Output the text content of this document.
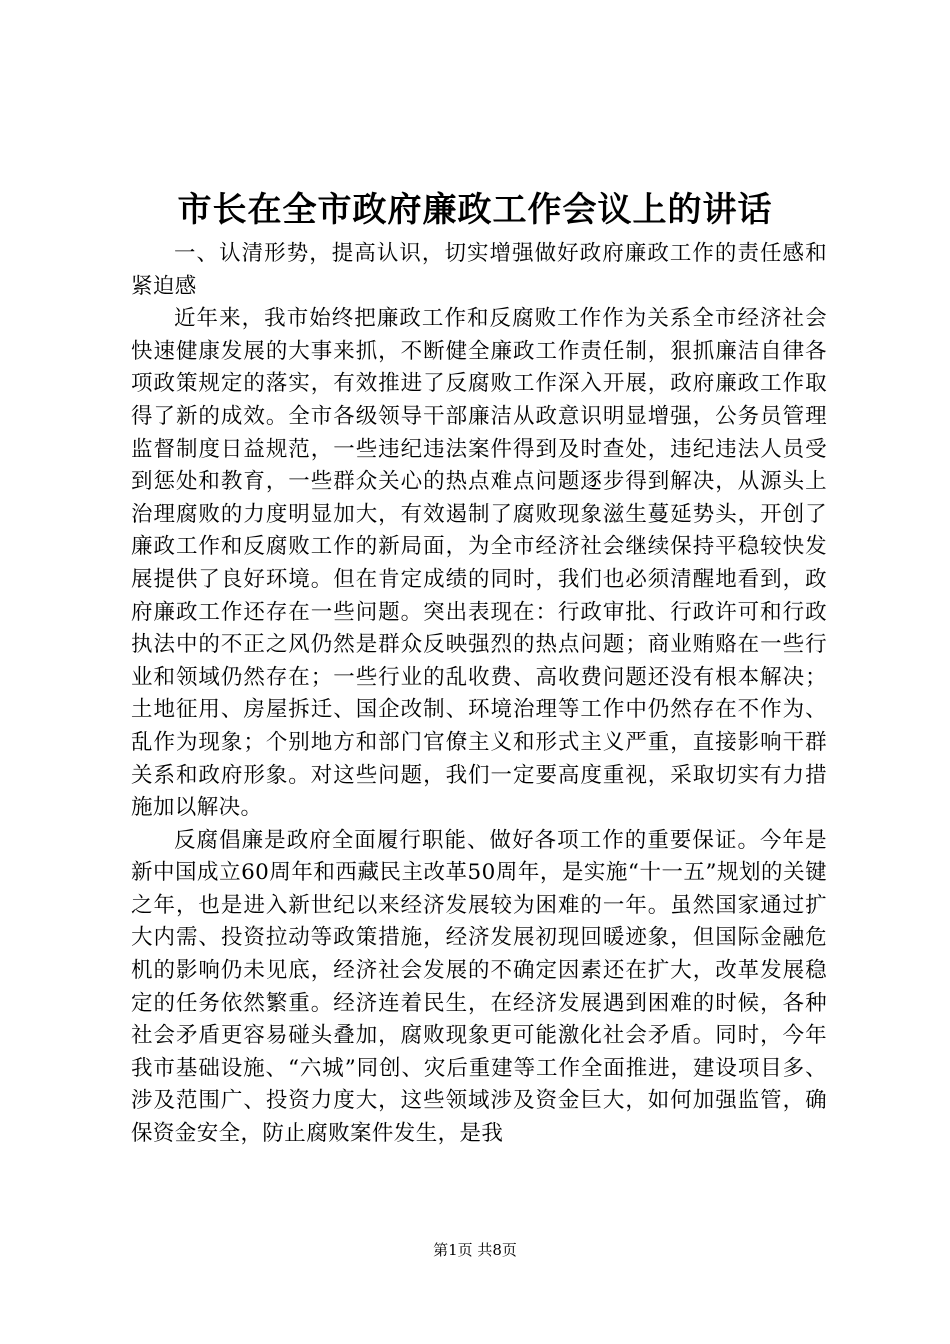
市长在全市政府廉政工作会议上的讲话

一、认清形势，提高认识，切实增强做好政府廉政工作的责任感和紧迫感

近年来，我市始终把廉政工作和反腐败工作作为关系全市经济社会快速健康发展的大事来抓，不断健全廉政工作责任制，狠抓廉洁自律各项政策规定的落实，有效推进了反腐败工作深入开展，政府廉政工作取得了新的成效。全市各级领导干部廉洁从政意识明显增强，公务员管理监督制度日益规范，一些违纪违法案件得到及时查处，违纪违法人员受到惩处和教育，一些群众关心的热点难点问题逐步得到解决，从源头上治理腐败的力度明显加大，有效遏制了腐败现象滋生蔓延势头，开创了廉政工作和反腐败工作的新局面，为全市经济社会继续保持平稳较快发展提供了良好环境。但在肯定成绩的同时，我们也必须清醒地看到，政府廉政工作还存在一些问题。突出表现在：行政审批、行政许可和行政执法中的不正之风仍然是群众反映强烈的热点问题；商业贿赂在一些行业和领域仍然存在；一些行业的乱收费、高收费问题还没有根本解决；土地征用、房屋拆迁、国企改制、环境治理等工作中仍然存在不作为、乱作为现象；个别地方和部门官僚主义和形式主义严重，直接影响干群关系和政府形象。对这些问题，我们一定要高度重视，采取切实有力措施加以解决。

反腐倡廉是政府全面履行职能、做好各项工作的重要保证。今年是新中国成立60周年和西藏民主改革50周年，是实施“十一五”规划的关键之年，也是进入新世纪以来经济发展较为困难的一年。虽然国家通过扩大内需、投资拉动等政策措施，经济发展初现回暖迹象，但国际金融危机的影响仍未见底，经济社会发展的不确定因素还在扩大，改革发展稳定的任务依然繁重。经济连着民生，在经济发展遇到困难的时候，各种社会矛盾更容易碰头叠加，腐败现象更可能激化社会矛盾。同时，今年我市基础设施、“六城”同创、灾后重建等工作全面推进，建设项目多、涉及范围广、投资力度大，这些领域涉及资金巨大，如何加强监管，确保资金安全，防止腐败案件发生，是我

第1页 共8页
